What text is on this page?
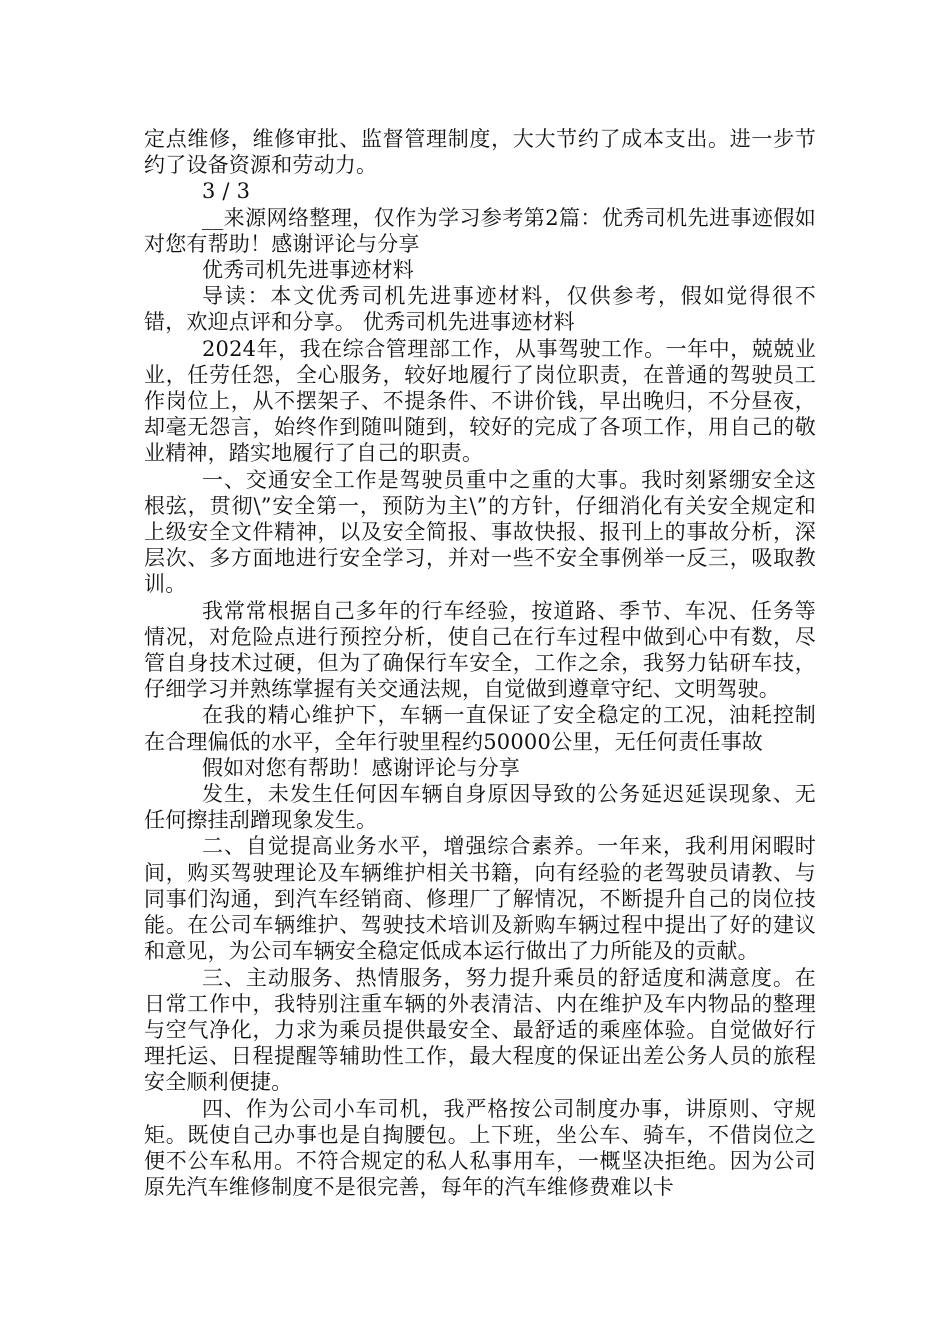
定点维修，维修审批、监督管理制度，大大节约了成本支出。进一步节约了设备资源和劳动力。

3 / 3

__来源网络整理，仅作为学习参考第2篇：优秀司机先进事迹假如对您有帮助！感谢评论与分享

优秀司机先进事迹材料

导读：本文优秀司机先进事迹材料，仅供参考，假如觉得很不错，欢迎点评和分享。 优秀司机先进事迹材料

2024年，我在综合管理部工作，从事驾驶工作。一年中，兢兢业业，任劳任怨，全心服务，较好地履行了岗位职责，在普通的驾驶员工作岗位上，从不摆架子、不提条件、不讲价钱，早出晚归，不分昼夜，却毫无怨言，始终作到随叫随到，较好的完成了各项工作，用自己的敬业精神，踏实地履行了自己的职责。

一、交通安全工作是驾驶员重中之重的大事。我时刻紧绷安全这根弦，贯彻\”安全第一，预防为主\”的方针，仔细消化有关安全规定和上级安全文件精神，以及安全简报、事故快报、报刊上的事故分析，深层次、多方面地进行安全学习，并对一些不安全事例举一反三，吸取教训。

我常常根据自己多年的行车经验，按道路、季节、车况、任务等情况，对危险点进行预控分析，使自己在行车过程中做到心中有数，尽管自身技术过硬，但为了确保行车安全，工作之余，我努力钻研车技，仔细学习并熟练掌握有关交通法规，自觉做到遵章守纪、文明驾驶。

在我的精心维护下，车辆一直保证了安全稳定的工况，油耗控制在合理偏低的水平，全年行驶里程约50000公里，无任何责任事故

假如对您有帮助！感谢评论与分享

发生，未发生任何因车辆自身原因导致的公务延迟延误现象、无任何擦挂刮蹭现象发生。

二、自觉提高业务水平，增强综合素养。一年来，我利用闲暇时间，购买驾驶理论及车辆维护相关书籍，向有经验的老驾驶员请教、与同事们沟通，到汽车经销商、修理厂了解情况，不断提升自己的岗位技能。在公司车辆维护、驾驶技术培训及新购车辆过程中提出了好的建议和意见，为公司车辆安全稳定低成本运行做出了力所能及的贡献。

三、主动服务、热情服务，努力提升乘员的舒适度和满意度。在日常工作中，我特别注重车辆的外表清洁、内在维护及车内物品的整理与空气净化，力求为乘员提供最安全、最舒适的乘座体验。自觉做好行理托运、日程提醒等辅助性工作，最大程度的保证出差公务人员的旅程安全顺利便捷。

四、作为公司小车司机，我严格按公司制度办事，讲原则、守规矩。既使自己办事也是自掏腰包。上下班，坐公车、骑车，不借岗位之便不公车私用。不符合规定的私人私事用车，一概坚决拒绝。因为公司原先汽车维修制度不是很完善，每年的汽车维修费难以卡
